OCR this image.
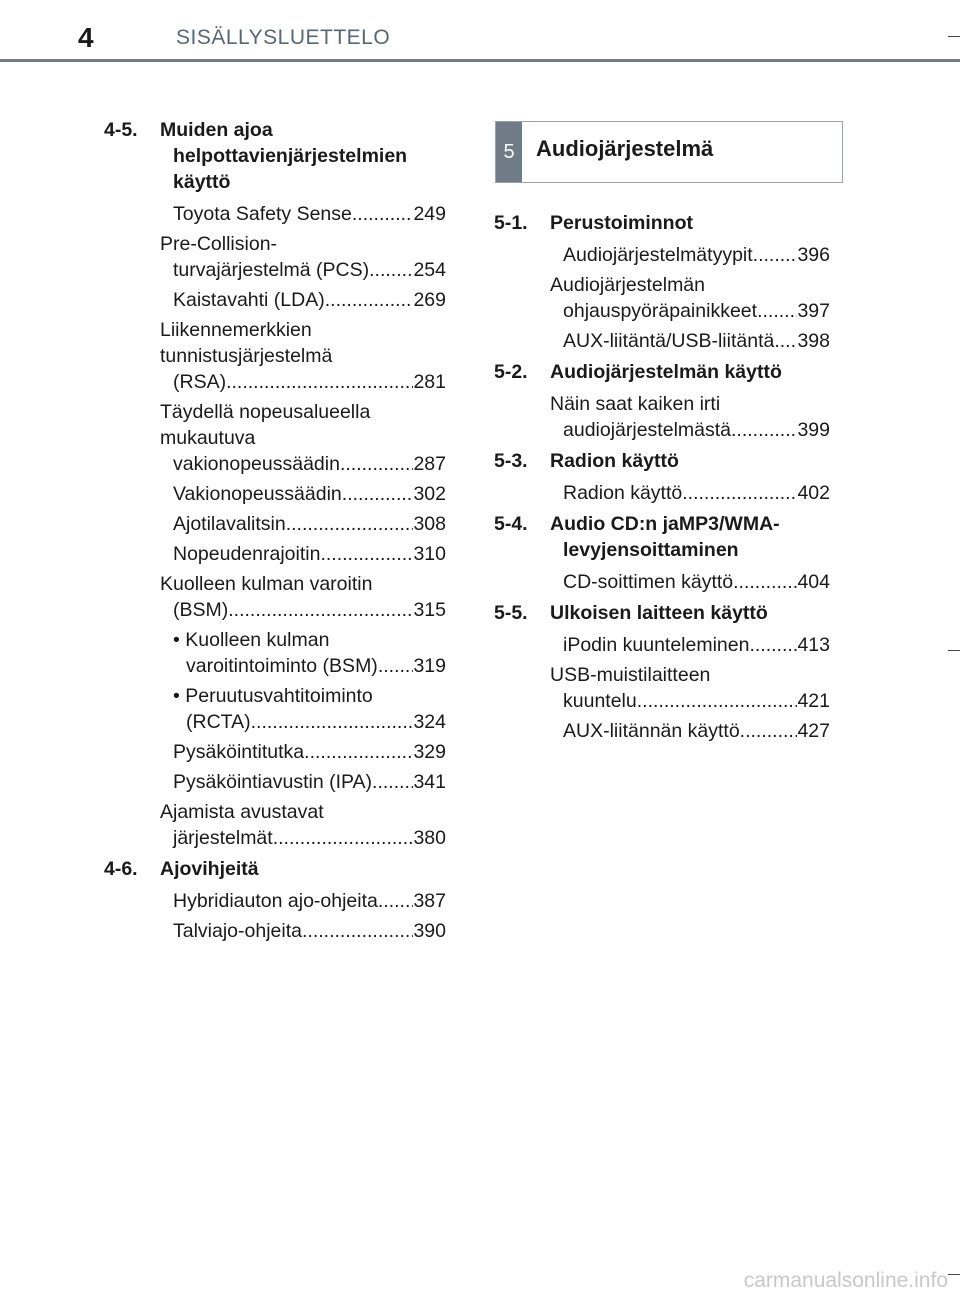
4	SISÄLLYSLUETTELO
4-5.	Muiden ajoa helpottavienjärjestelmien käyttö
Toyota Safety Sense .....	249
Pre-Collision-
turvajärjestelmä (PCS) ..... 254
Kaistavahti (LDA) .....	269
Liikennemerkkien
tunnistusjärjestelmä
(RSA) .....	281
Täydellä nopeusalueella
mukautuva
vakionopeussäädin .....	287
Vakionopeussäädin .....	302
Ajotilavalitsin .....	308
Nopeudenrajoitin .....	310
Kuolleen kulman varoitin
(BSM) .....	315
• Kuolleen kulman
varoitintoiminto (BSM) ..... 319
• Peruutusvahtitoiminto
(RCTA) .....	324
Pysäköintitutka .....	329
Pysäköintiavustin (IPA) ..... 341
Ajamista avustavat
järjestelmät .....	380
4-6.	Ajovihjeitä
Hybridiauton ajo-ohjeita ..... 387
Talviajo-ohjeita .....	390
5 Audiojärjestelmä
5-1.	Perustoiminnot
Audiojärjestelmätyypit ..... 396
Audiojärjestelmän
ohjauspyöräpainikkeet ..... 397
AUX-liitäntä/USB-liitäntä ..... 398
5-2.	Audiojärjestelmän käyttö
Näin saat kaiken irti
audiojärjestelmästä .....	399
5-3.	Radion käyttö
Radion käyttö .....	402
5-4.	Audio CD:n jaMP3/WMA-levyjensoittaminen
CD-soittimen käyttö .....	404
5-5.	Ulkoisen laitteen käyttö
iPodin kuunteleminen ..... 413
USB-muistilaitteen
kuuntelu .....	421
AUX-liitännän käyttö .....	427
carmanualsonline.info
